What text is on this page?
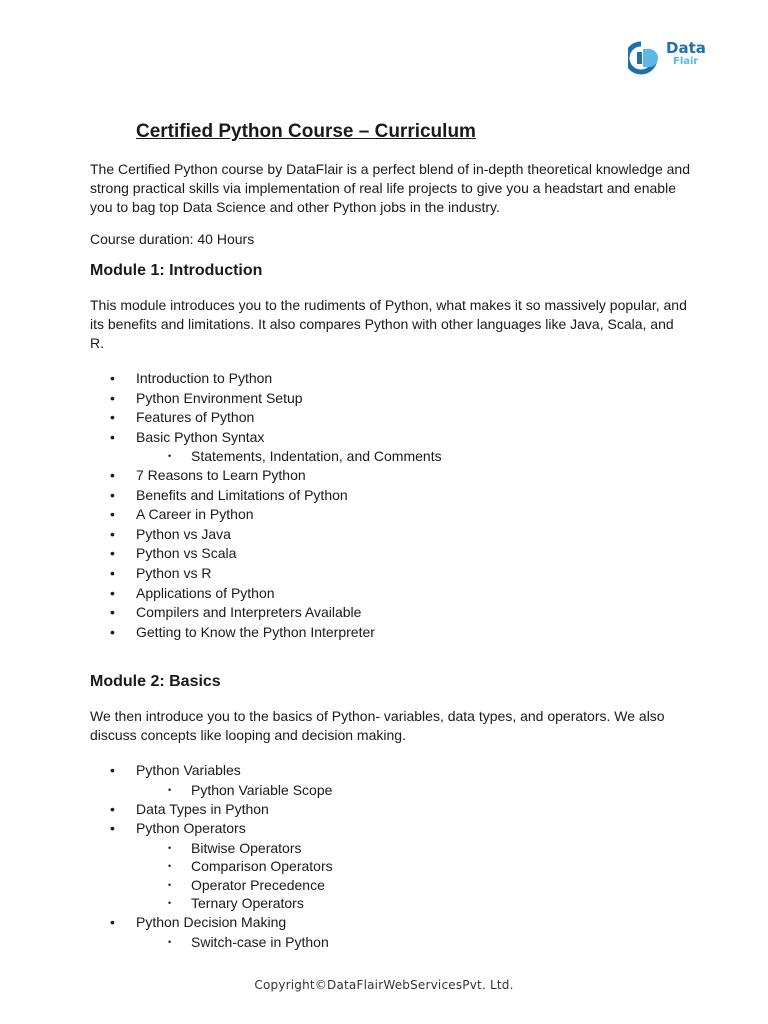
Data
Flair
Certified Python Course – Curriculum

The Certified Python course by DataFlair is a perfect blend of in-depth theoretical knowledge and strong practical skills via implementation of real life projects to give you a headstart and enable you to bag top Data Science and other Python jobs in the industry.

Course duration: 40 Hours

Module 1: Introduction

This module introduces you to the rudiments of Python, what makes it so massively popular, and its benefits and limitations. It also compares Python with other languages like Java, Scala, and R.

• Introduction to Python
• Python Environment Setup
• Features of Python
• Basic Python Syntax
• Statements, Indentation, and Comments
• 7 Reasons to Learn Python
• Benefits and Limitations of Python
• A Career in Python
• Python vs Java
• Python vs Scala
• Python vs R
• Applications of Python
• Compilers and Interpreters Available
• Getting to Know the Python Interpreter
Module 2: Basics

We then introduce you to the basics of Python- variables, data types, and operators. We also discuss concepts like looping and decision making.

• Python Variables
• Python Variable Scope
• Data Types in Python
• Python Operators
• Bitwise Operators
• Comparison Operators
• Operator Precedence
• Ternary Operators
• Python Decision Making
• Switch-case in Python
Copyright©DataFlairWebServicesPvt. Ltd.
